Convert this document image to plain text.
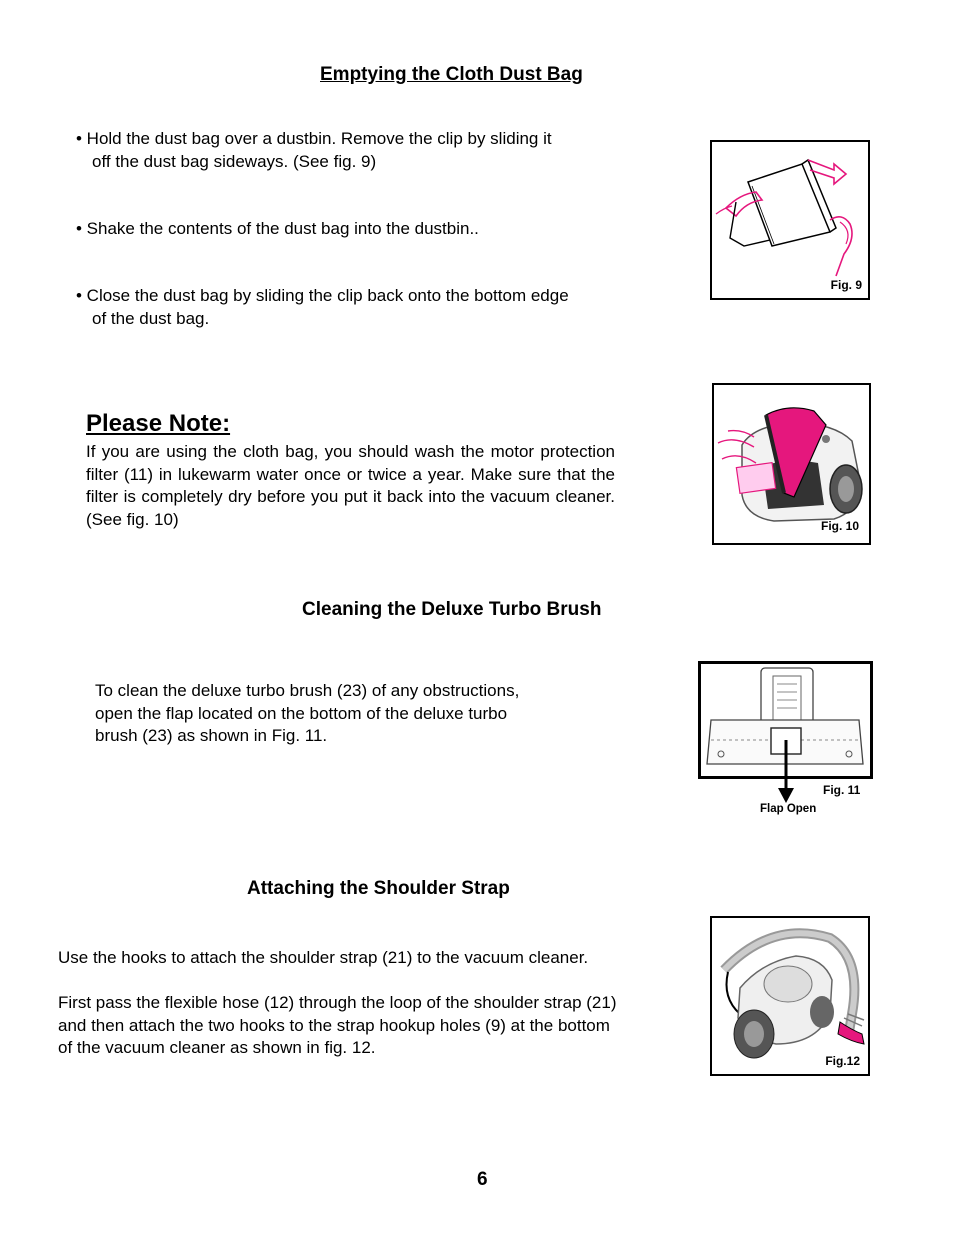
Emptying the Cloth Dust Bag
• Hold the dust bag over a dustbin. Remove the clip by sliding it
off the dust bag sideways. (See fig. 9)
• Shake the contents of the dust bag into the dustbin..
• Close the dust bag by sliding the clip back onto the bottom edge
of the dust bag.
Fig. 9
Please Note:
If you are using the cloth bag, you should wash the motor protection filter (11) in lukewarm water once or twice a year. Make sure that the filter is completely dry before you put it back into the vacuum cleaner. (See fig. 10)	Fig. 10
Cleaning the Deluxe Turbo Brush
To clean the deluxe turbo brush (23) of any obstructions,
open the flap located on the bottom of the deluxe turbo
brush (23) as shown in Fig. 11.
Fig. 11
Flap Open
Attaching the Shoulder Strap
Use the hooks to attach the shoulder strap (21) to the vacuum cleaner.
First pass the flexible hose (12) through the loop of the shoulder strap (21)
and then attach the two hooks to the strap hookup holes (9) at the bottom
of the vacuum cleaner as shown in fig. 12.
Fig.12
6
